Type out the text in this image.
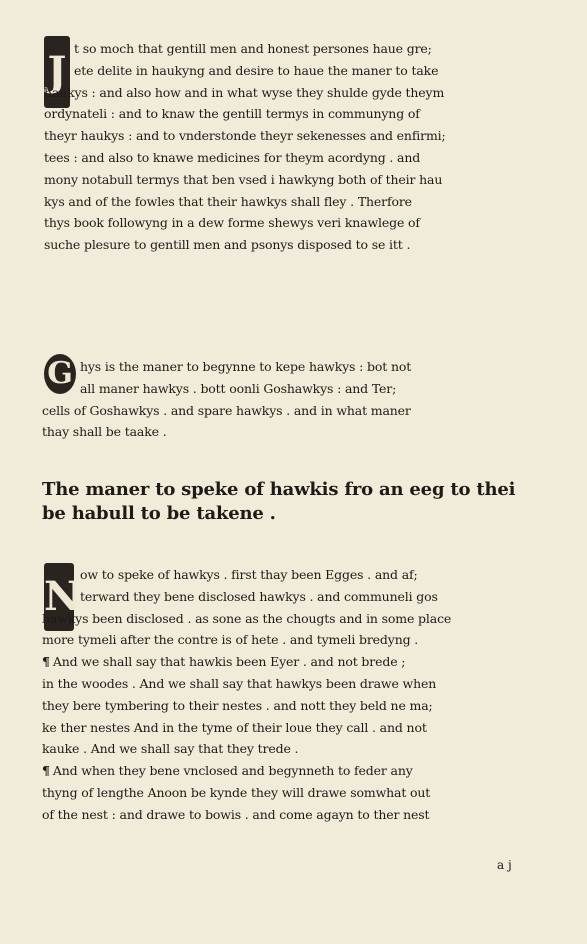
J t so moch that gentill men and honest persones haue gre;
ete delite in haukyng and desire to haue the maner to take
haukys : and also how and in what wyse they shulde gyde theym
ordynateli : and to knaw the gentill termys in communyng of
theyr haukys : and to vnderstonde theyr sekenesses and enfirmi;
tees : and also to knawe medicines for theym acordyng . and
mony notabull termys that ben vsed i hawkyng both of their hau
kys and of the fowles that their hawkys shall fley . Therfore
thys book followyng in a dew forme shewys veri knawlege of
suche plesure to gentill men and psonys disposed to se itt .
G hys is the maner to begynne to kepe hawkys : bot not
all maner hawkys . bott oonli Goshawkys : and Ter;
cells of Goshawkys . and spare hawkys . and in what maner
thay shall be taake .
The maner to speke of hawkis fro an eeg to thei
be habull to be takene .
N ow to speke of hawkys . first thay been Egges . and af;
terward they bene disclosed hawkys . and communeli gos
hawkys been disclosed . as sone as the chougts and in some place
more tymeli after the contre is of hete . and tymeli bredyng .
¶ And we shall say that hawkis been Eyer . and not brede ;
in the woodes . And we shall say that hawkys been drawe when
they bere tymbering to their nestes . and nott they beld ne ma;
ke ther nestes And in the tyme of their loue they call . and not
kauke . And we shall say that they trede .
¶ And when they bene vnclosed and begynneth to feder any
thyng of lengthe Anoon be kynde they will drawe somwhat out
of the nest : and drawe to bowis . and come agayn to ther nest
a j
